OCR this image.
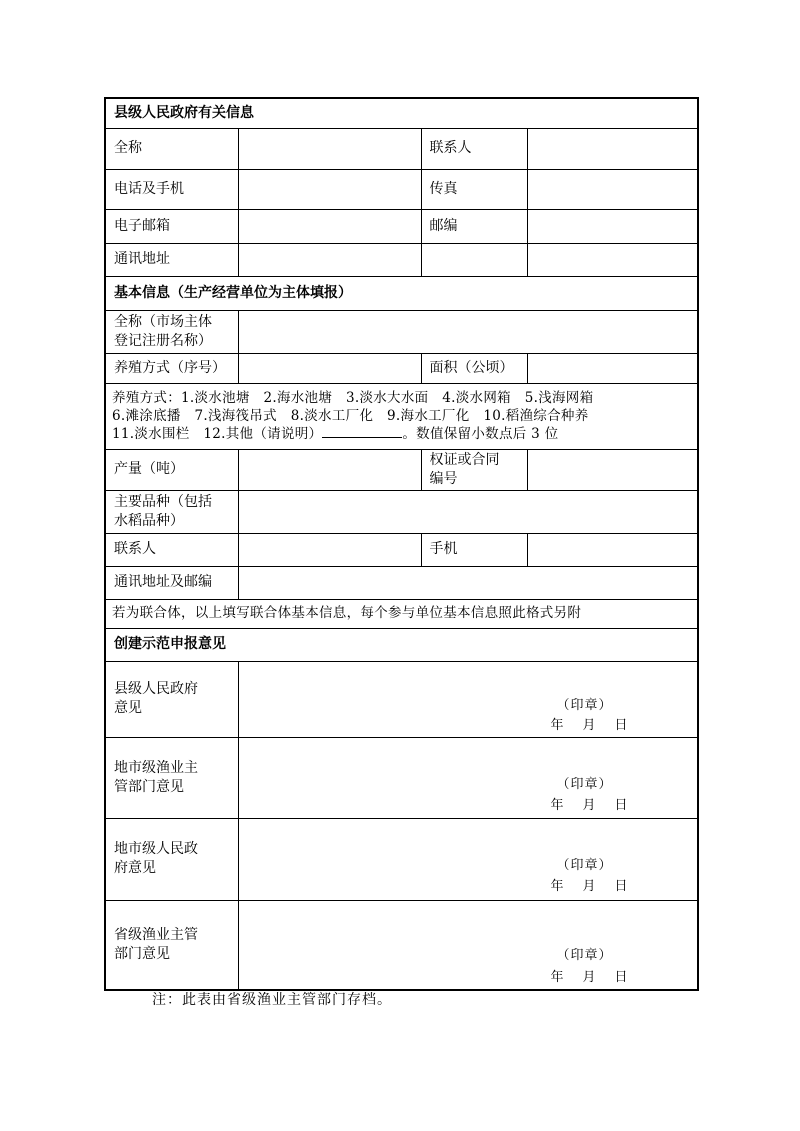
县级人民政府有关信息			
全称		联系人	
电话及手机		传真	
电子邮箱		邮编	
通讯地址			
基本信息（生产经营单位为主体填报）			

全称（市场主体
登记注册名称）			

养殖方式（序号）		面积（公顷）	

养殖方式：1.淡水池塘　2.海水池塘　3.淡水大水面　4.淡水网箱　5.浅海网箱
6.滩涂底播　7.浅海筏吊式　8.淡水工厂化　9.海水工厂化　10.稻渔综合种养
11.淡水围栏　12.其他（请说明） 。数值保留小数点后 3 位			

产量（吨）		权证或合同
编号	

主要品种（包括
水稻品种）			

联系人		手机	
通讯地址及邮编			
若为联合体，以上填写联合体基本信息，每个参与单位基本信息照此格式另附			
创建示范申报意见			

县级人民政府
意见	（印章）
年 月 日		

地市级渔业主
管部门意见	（印章）
年 月 日		

地市级人民政
府意见	（印章）
年 月 日		

省级渔业主管
部门意见	（印章）
年 月 日		
注：此表由省级渔业主管部门存档。
